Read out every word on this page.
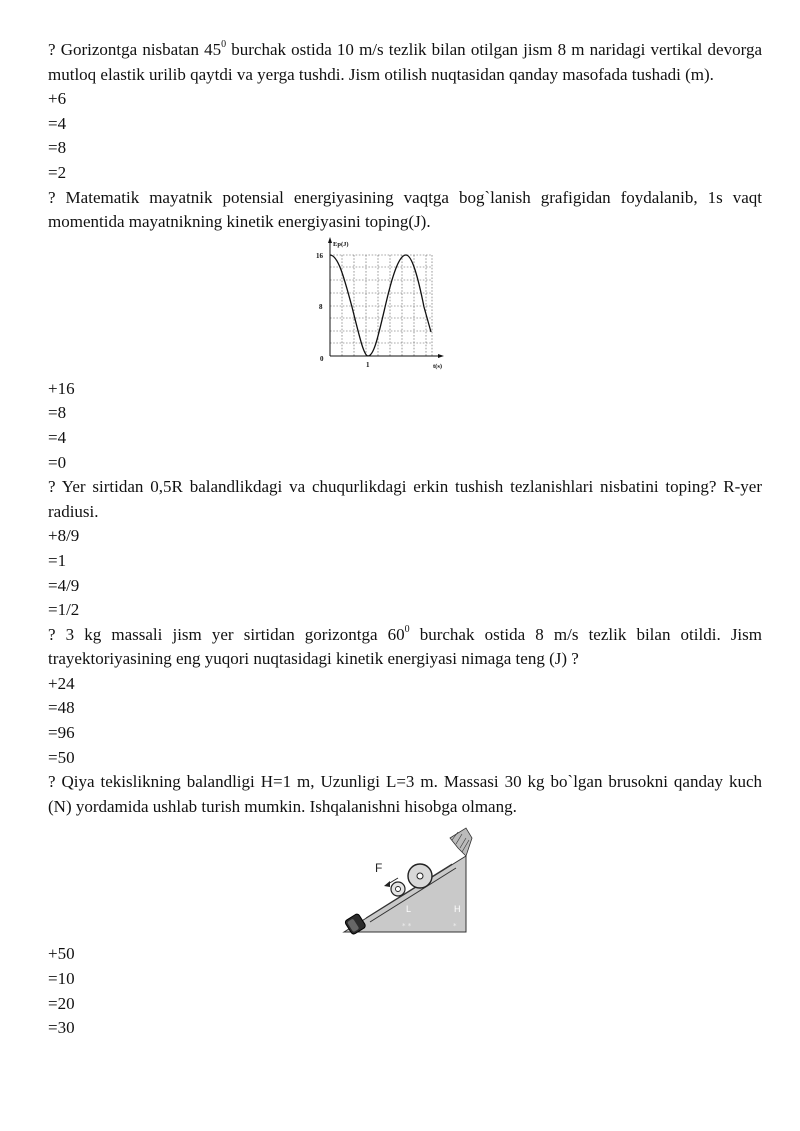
? Gorizontga nisbatan $45^0$ burchak ostida 10 m/s tezlik bilan otilgan jism 8 m naridagi vertikal devorga mutloq elastik urilib qaytdi va yerga tushdi. Jism otilish nuqtasidan qanday masofada tushadi (m).

+6

=4

=8

=2

? Matematik mayatnik potensial energiyasining vaqtga bog`lanish grafigidan foydalanib, 1s vaqt momentida mayatnikning kinetik energiyasini toping(J).

Ep(J)
t(s)
16
8
0
1

+16

=8

=4

=0

? Yer sirtidan 0,5R balandlikdagi va chuqurlikdagi erkin tushish tezlanishlari nisbatini toping? R-yer radiusi.

+8/9

=1

=4/9

=1/2

? 3 kg massali jism yer sirtidan gorizontga $60^0$ burchak ostida 8 m/s tezlik bilan otildi. Jism trayektoriyasining eng yuqori nuqtasidagi kinetik energiyasi nimaga teng (J) ?

+24

=48

=96

=50

? Qiya tekislikning balandligi H=1 m, Uzunligi L=3 m. Massasi 30 kg bo`lgan brusokni qanday kuch (N) yordamida ushlab turish mumkin. Ishqalanishni hisobga olmang.

F
L	H
* *	*

+50

=10

=20

=30
